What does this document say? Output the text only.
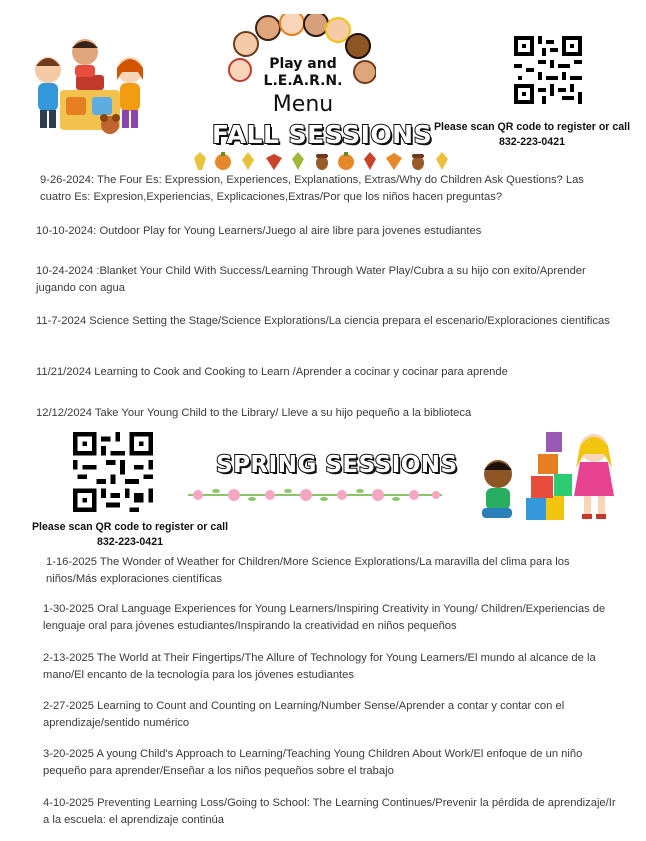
Play and
L.E.A.R.N.
Menu
FALL SESSIONS Please scan QR code to register or call
832-223-0421
9-26-2024: The Four Es: Expression, Experiences, Explanations, Extras/Why do Children Ask Questions? Las cuatro Es: Expresion,Experiencias, Explicaciones,Extras/Por que los niños hacen preguntas?
10-10-2024: Outdoor Play for Young Learners/Juego al aire libre para jovenes estudiantes
10-24-2024 :Blanket Your Child With Success/Learning Through Water Play/Cubra a su hijo con exito/Aprender jugando con agua
11-7-2024 Science Setting the Stage/Science Explorations/La ciencia prepara el escenario/Exploraciones cientificas
11/21/2024 Learning to Cook and Cooking to Learn /Aprender a cocinar y cocinar para aprende
12/12/2024 Take Your Young Child to the Library/ Lleve a su hijo pequeño a la biblioteca
Please scan QR code to register or call
832-223-0421
SPRING SESSIONS
1-16-2025 The Wonder of Weather for Children/More Science Explorations/La maravilla del clima para los niños/Más exploraciones científicas
1-30-2025 Oral Language Experiences for Young Learners/Inspiring Creativity in Young/ Children/Experiencias de lenguaje oral para jóvenes estudiantes/Inspirando la creatividad en niños pequeños
2-13-2025 The World at Their Fingertips/The Allure of Technology for Young Learners/El mundo al alcance de la mano/El encanto de la tecnología para los jóvenes estudiantes
2-27-2025 Learning to Count and Counting on Learning/Number Sense/Aprender a contar y contar con el aprendizaje/sentido numérico
3-20-2025 A young Child's Approach to Learning/Teaching Young Children About Work/El enfoque de un niño pequeño para aprender/Enseñar a los niños pequeños sobre el trabajo
4-10-2025 Preventing Learning Loss/Going to School: The Learning Continues/Prevenir la pérdida de aprendizaje/Ir a la escuela: el aprendizaje continúa
